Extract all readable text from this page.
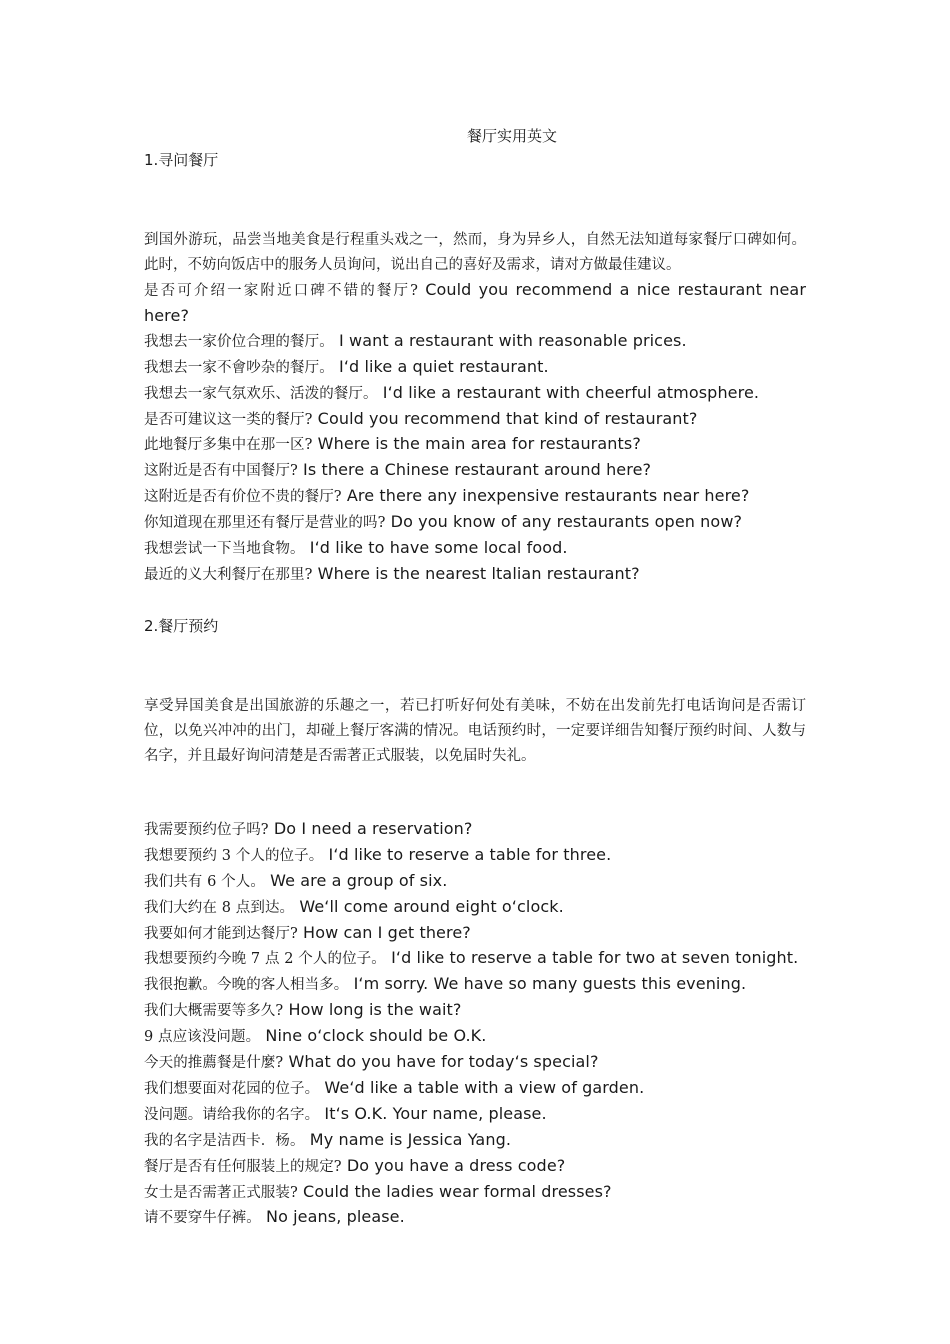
餐厅实用英文

1.寻问餐厅

到国外游玩，品尝当地美食是行程重头戏之一，然而，身为异乡人，自然无法知道每家餐厅口碑如何。此时，不妨向饭店中的服务人员询问，说出自己的喜好及需求，请对方做最佳建议。

是否可介绍一家附近口碑不错的餐厅? Could you recommend a nice restaurant near here?

我想去一家价位合理的餐厅。 I want a restaurant with reasonable prices.

我想去一家不會吵杂的餐厅。 I‘d like a quiet restaurant.

我想去一家气氛欢乐、活泼的餐厅。 I‘d like a restaurant with cheerful atmosphere.

是否可建议这一类的餐厅? Could you recommend that kind of restaurant?

此地餐厅多集中在那一区? Where is the main area for restaurants?

这附近是否有中国餐厅? Is there a Chinese restaurant around here?

这附近是否有价位不贵的餐厅? Are there any inexpensive restaurants near here?

你知道现在那里还有餐厅是营业的吗? Do you know of any restaurants open now?

我想尝试一下当地食物。 I‘d like to have some local food.

最近的义大利餐厅在那里? Where is the nearest ltalian restaurant?

2.餐厅预约

享受异国美食是出国旅游的乐趣之一，若已打听好何处有美味，不妨在出发前先打电话询问是否需订位，以免兴冲冲的出门，却碰上餐厅客满的情况。电话预约时，一定要详细告知餐厅预约时间、人数与名字，并且最好询问清楚是否需著正式服装，以免届时失礼。

我需要预约位子吗? Do I need a reservation?

我想要预约 3 个人的位子。 I‘d like to reserve a table for three.

我们共有 6 个人。 We are a group of six.

我们大约在 8 点到达。 We‘ll come around eight o‘clock.

我要如何才能到达餐厅? How can I get there?

我想要预约今晚 7 点 2 个人的位子。 I‘d like to reserve a table for two at seven tonight.

我很抱歉。今晚的客人相当多。 I‘m sorry. We have so many guests this evening.

我们大概需要等多久? How long is the wait?

9 点应该没问题。 Nine o‘clock should be O.K.

今天的推薦餐是什麼? What do you have for today‘s special?

我们想要面对花园的位子。 We‘d like a table with a view of garden.

没问题。请给我你的名字。 It‘s O.K. Your name, please.

我的名字是洁西卡．杨。 My name is Jessica Yang.

餐厅是否有任何服装上的规定? Do you have a dress code?

女士是否需著正式服装? Could the ladies wear formal dresses?

请不要穿牛仔裤。 No jeans, please.
